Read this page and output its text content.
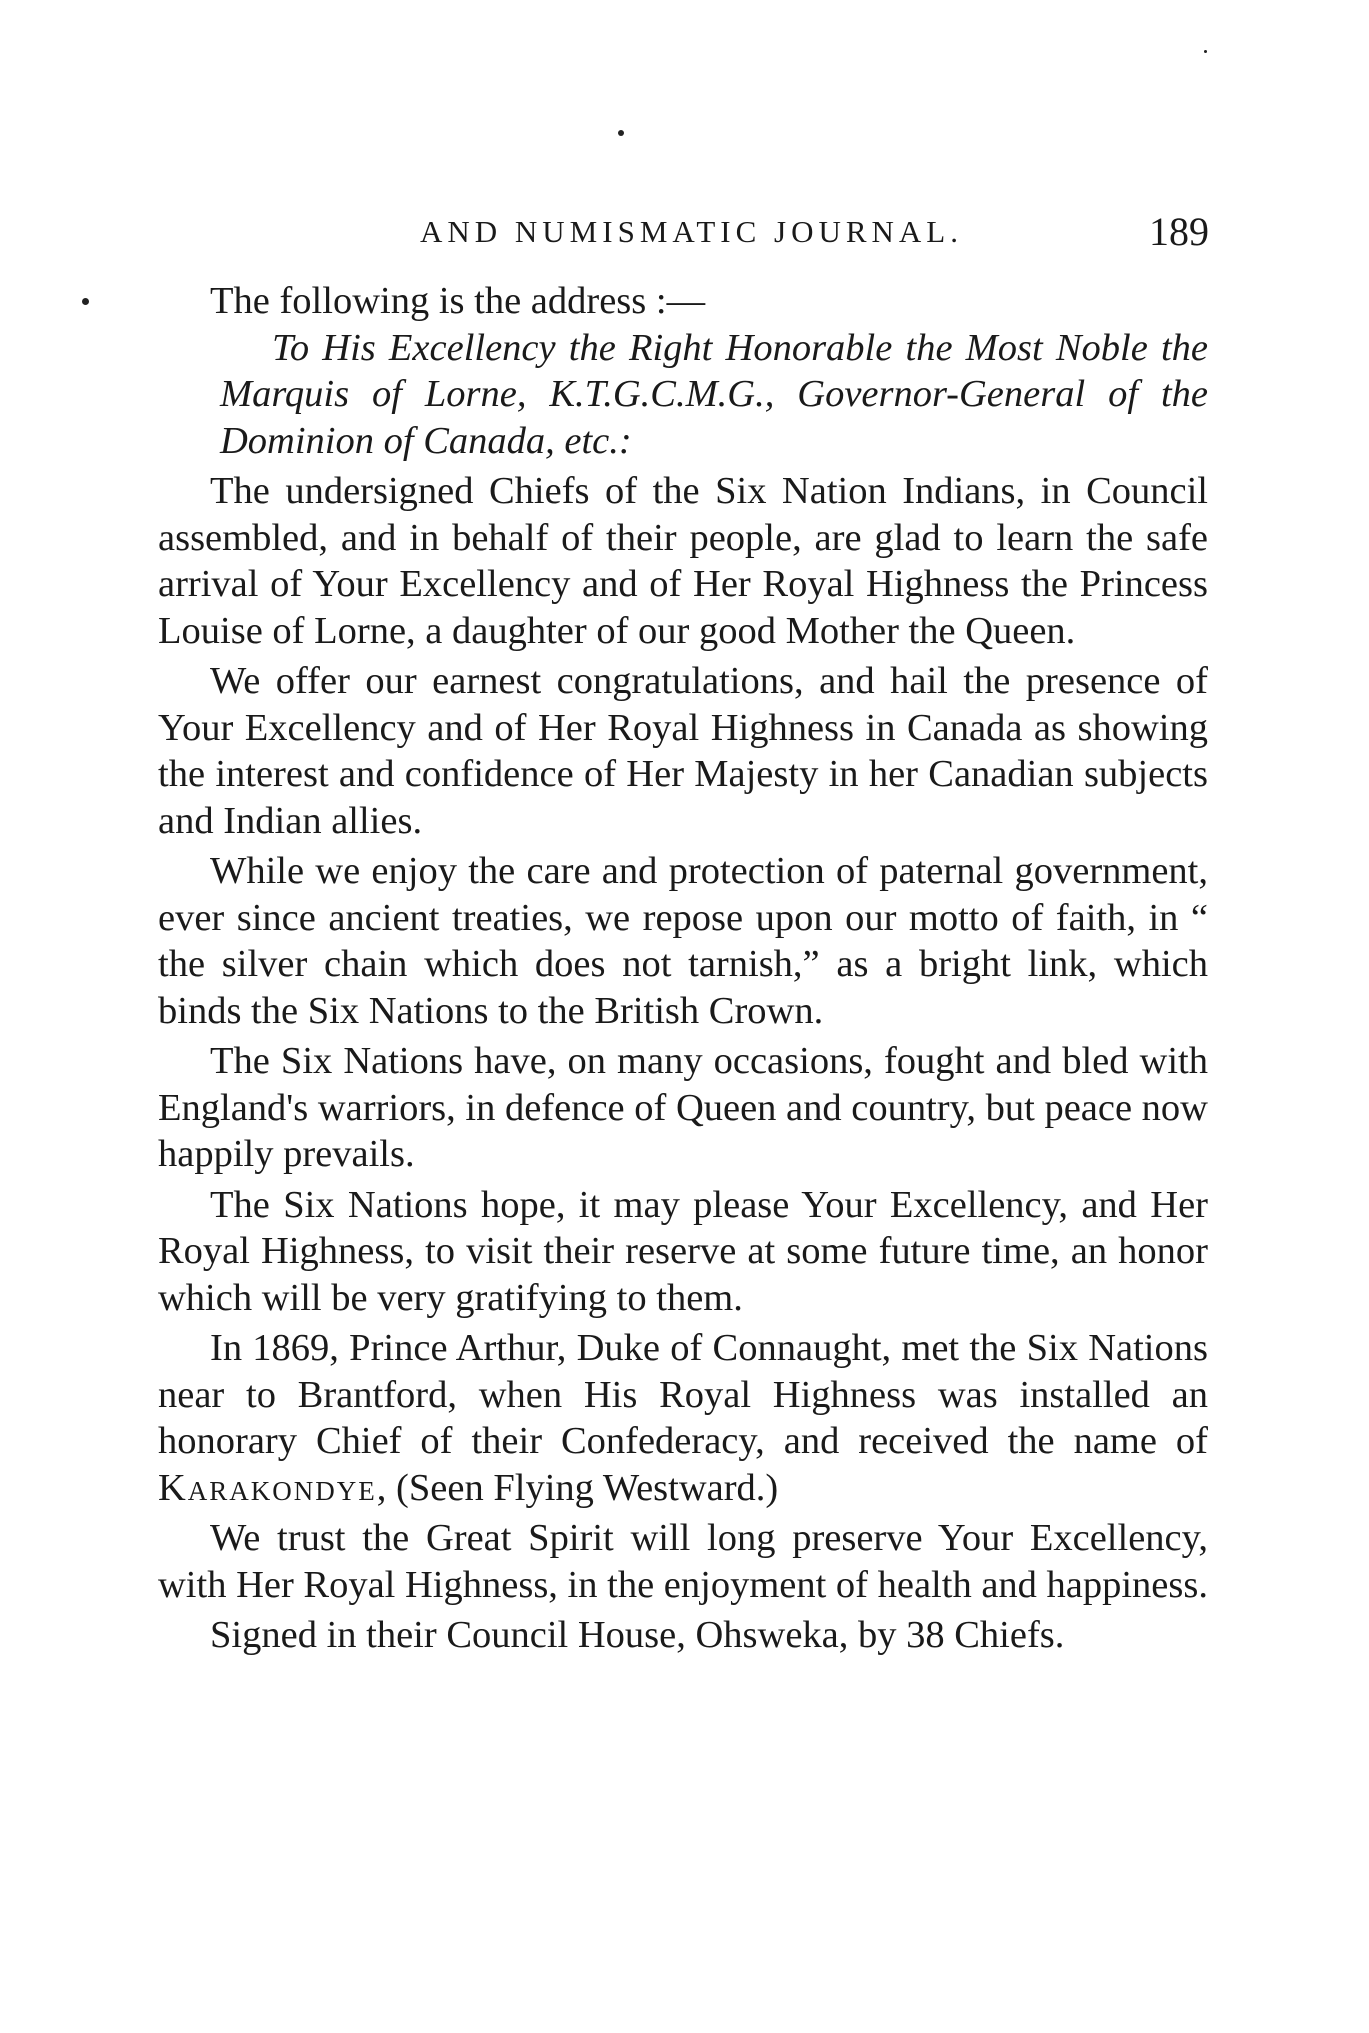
AND NUMISMATIC JOURNAL.	189

The following is the address :—

To His Excellency the Right Honorable the Most Noble the Marquis of Lorne, K.T.G.C.M.G., Governor-General of the Dominion of Canada, etc.:

The undersigned Chiefs of the Six Nation Indians, in Council assembled, and in behalf of their people, are glad to learn the safe arrival of Your Excellency and of Her Royal Highness the Princess Louise of Lorne, a daughter of our good Mother the Queen.

We offer our earnest congratulations, and hail the presence of Your Excellency and of Her Royal Highness in Canada as showing the interest and confidence of Her Majesty in her Canadian subjects and Indian allies.

While we enjoy the care and protection of paternal government, ever since ancient treaties, we repose upon our motto of faith, in “ the silver chain which does not tarnish,” as a bright link, which binds the Six Nations to the British Crown.

The Six Nations have, on many occasions, fought and bled with England's warriors, in defence of Queen and country, but peace now happily prevails.

The Six Nations hope, it may please Your Excellency, and Her Royal Highness, to visit their reserve at some future time, an honor which will be very gratifying to them.

In 1869, Prince Arthur, Duke of Connaught, met the Six Nations near to Brantford, when His Royal Highness was installed an honorary Chief of their Confederacy, and received the name of Karakondye, (Seen Flying Westward.)

We trust the Great Spirit will long preserve Your Excellency, with Her Royal Highness, in the enjoyment of health and happiness.

Signed in their Council House, Ohsweka, by 38 Chiefs.
